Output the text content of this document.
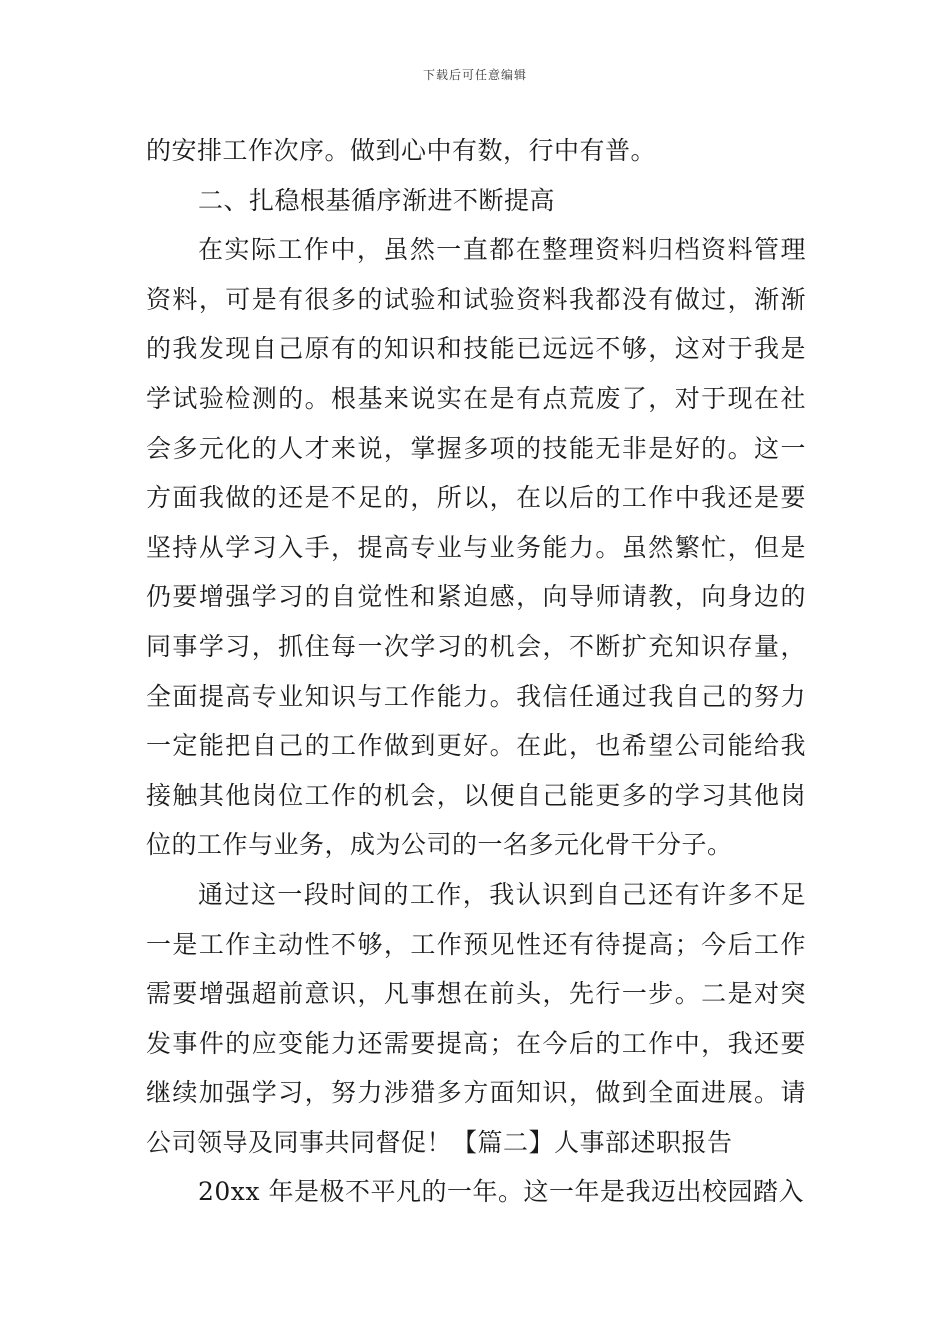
下载后可任意编辑
的安排工作次序。做到心中有数，行中有普。
二、扎稳根基循序渐进不断提高
在实际工作中，虽然一直都在整理资料归档资料管理
资料，可是有很多的试验和试验资料我都没有做过，渐渐
的我发现自己原有的知识和技能已远远不够，这对于我是
学试验检测的。根基来说实在是有点荒废了，对于现在社
会多元化的人才来说，掌握多项的技能无非是好的。这一
方面我做的还是不足的，所以，在以后的工作中我还是要
坚持从学习入手，提高专业与业务能力。虽然繁忙，但是
仍要增强学习的自觉性和紧迫感，向导师请教，向身边的
同事学习，抓住每一次学习的机会，不断扩充知识存量，
全面提高专业知识与工作能力。我信任通过我自己的努力
一定能把自己的工作做到更好。在此，也希望公司能给我
接触其他岗位工作的机会，以便自己能更多的学习其他岗
位的工作与业务，成为公司的一名多元化骨干分子。
通过这一段时间的工作，我认识到自己还有许多不足
一是工作主动性不够，工作预见性还有待提高；今后工作
需要增强超前意识，凡事想在前头，先行一步。二是对突
发事件的应变能力还需要提高；在今后的工作中，我还要
继续加强学习，努力涉猎多方面知识，做到全面进展。请
公司领导及同事共同督促！【篇二】人事部述职报告
20xx 年是极不平凡的一年。这一年是我迈出校园踏入
